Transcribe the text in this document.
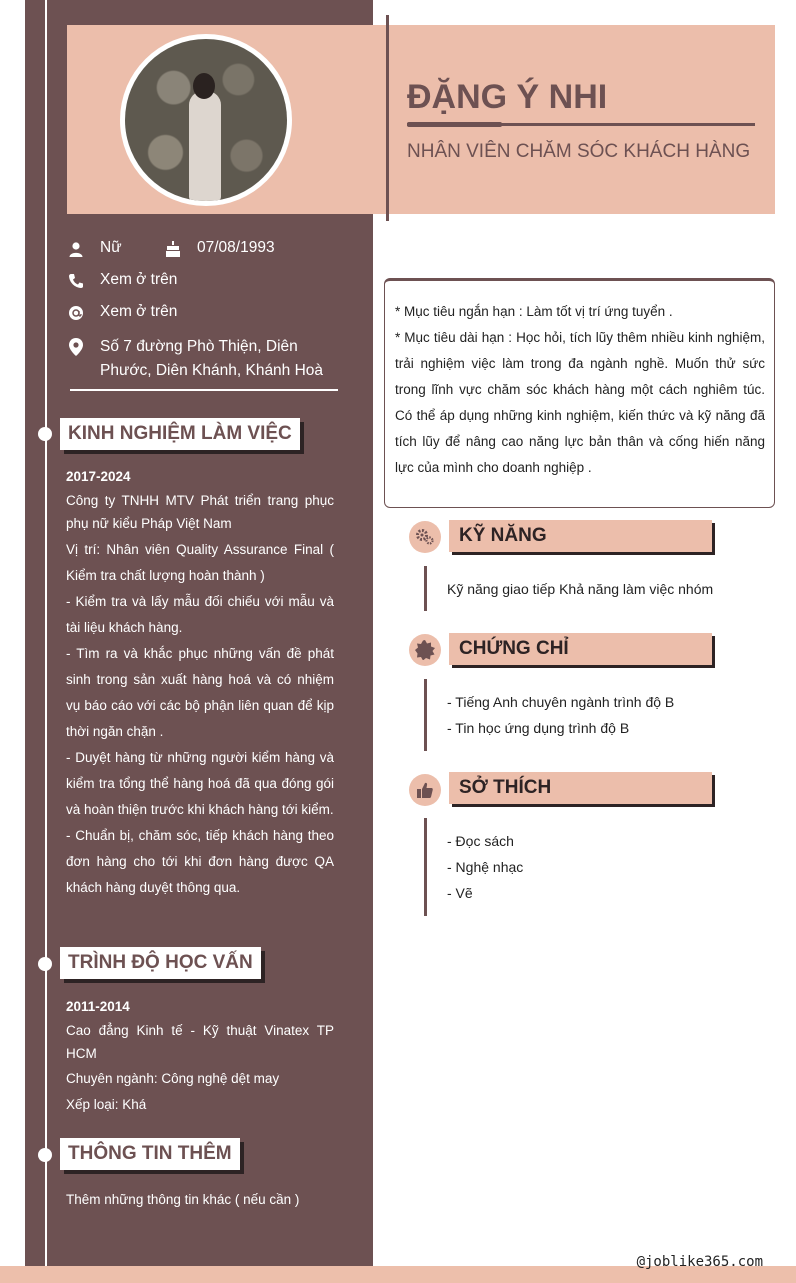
@joblike365.com
ĐẶNG Ý NHI
NHÂN VIÊN CHĂM SÓC KHÁCH HÀNG
Nữ	07/08/1993
Xem ở trên
Xem ở trên
Số 7 đường Phò Thiện, Diên
Phước, Diên Khánh, Khánh Hoà
KINH NGHIỆM LÀM VIỆC

2017-2024

Công ty TNHH MTV Phát triển trang phục phụ nữ kiểu Pháp Việt Nam

Vị trí: Nhân viên Quality Assurance Final ( Kiểm tra chất lượng hoàn thành )

- Kiểm tra và lấy mẫu đối chiếu với mẫu và tài liệu khách hàng.

- Tìm ra và khắc phục những vấn đề phát sinh trong sản xuất hàng hoá và có nhiệm vụ báo cáo với các bộ phận liên quan để kịp thời ngăn chặn .

- Duyệt hàng từ những người kiểm hàng và kiểm tra tổng thể hàng hoá đã qua đóng gói và hoàn thiện trước khi khách hàng tới kiểm.

- Chuẩn bị, chăm sóc, tiếp khách hàng theo đơn hàng cho tới khi đơn hàng được QA khách hàng duyệt thông qua.

TRÌNH ĐỘ HỌC VẤN

2011-2014

Cao đẳng Kinh tế - Kỹ thuật Vinatex TP HCM

Chuyên ngành: Công nghệ dệt may

Xếp loại: Khá

THÔNG TIN THÊM

Thêm những thông tin khác ( nếu cần )

* Mục tiêu ngắn hạn : Làm tốt vị trí ứng tuyển .

* Mục tiêu dài hạn : Học hỏi, tích lũy thêm nhiều kinh nghiệm, trải nghiệm việc làm trong đa ngành nghề. Muốn thử sức trong lĩnh vực chăm sóc khách hàng một cách nghiêm túc. Có thể áp dụng những kinh nghiệm, kiến thức và kỹ năng đã tích lũy để nâng cao năng lực bản thân và cống hiến năng lực của mình cho doanh nghiệp .

KỸ NĂNG
Kỹ năng giao tiếp Khả năng làm việc nhóm
CHỨNG CHỈ

- Tiếng Anh chuyên ngành trình độ B

- Tin học ứng dụng trình độ B

SỞ THÍCH

- Đọc sách

- Nghệ nhạc

- Vẽ
